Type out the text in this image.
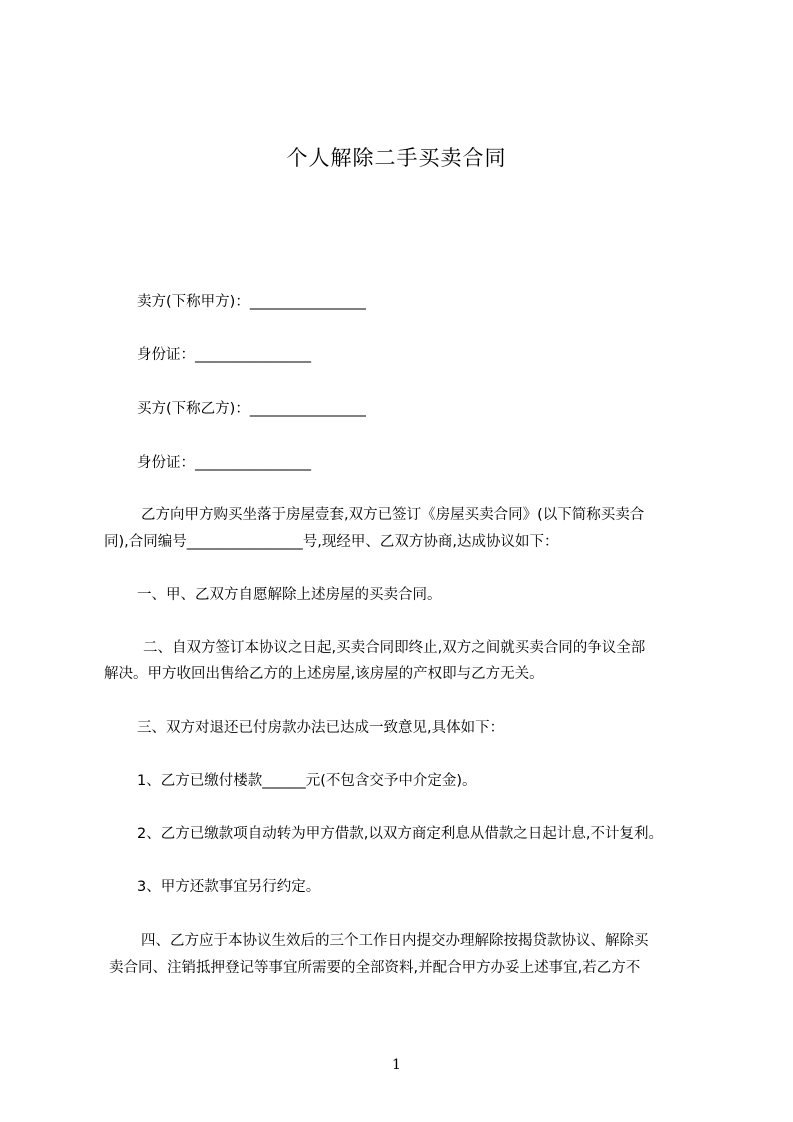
个人解除二手买卖合同
卖方(下称甲方)：________________
身份证：________________
买方(下称乙方)：________________
身份证：________________
乙方向甲方购买坐落于房屋壹套,双方已签订《房屋买卖合同》(以下简称买卖合
同),合同编号________________号,现经甲、乙双方协商,达成协议如下：
一、甲、乙双方自愿解除上述房屋的买卖合同。
二、自双方签订本协议之日起,买卖合同即终止,双方之间就买卖合同的争议全部
解决。甲方收回出售给乙方的上述房屋,该房屋的产权即与乙方无关。
三、双方对退还已付房款办法已达成一致意见,具体如下：
1、乙方已缴付楼款______元(不包含交予中介定金)。
2、乙方已缴款项自动转为甲方借款,以双方商定利息从借款之日起计息,不计复利。
3、甲方还款事宜另行约定。
四、乙方应于本协议生效后的三个工作日内提交办理解除按揭贷款协议、解除买
卖合同、注销抵押登记等事宜所需要的全部资料,并配合甲方办妥上述事宜,若乙方不
1
